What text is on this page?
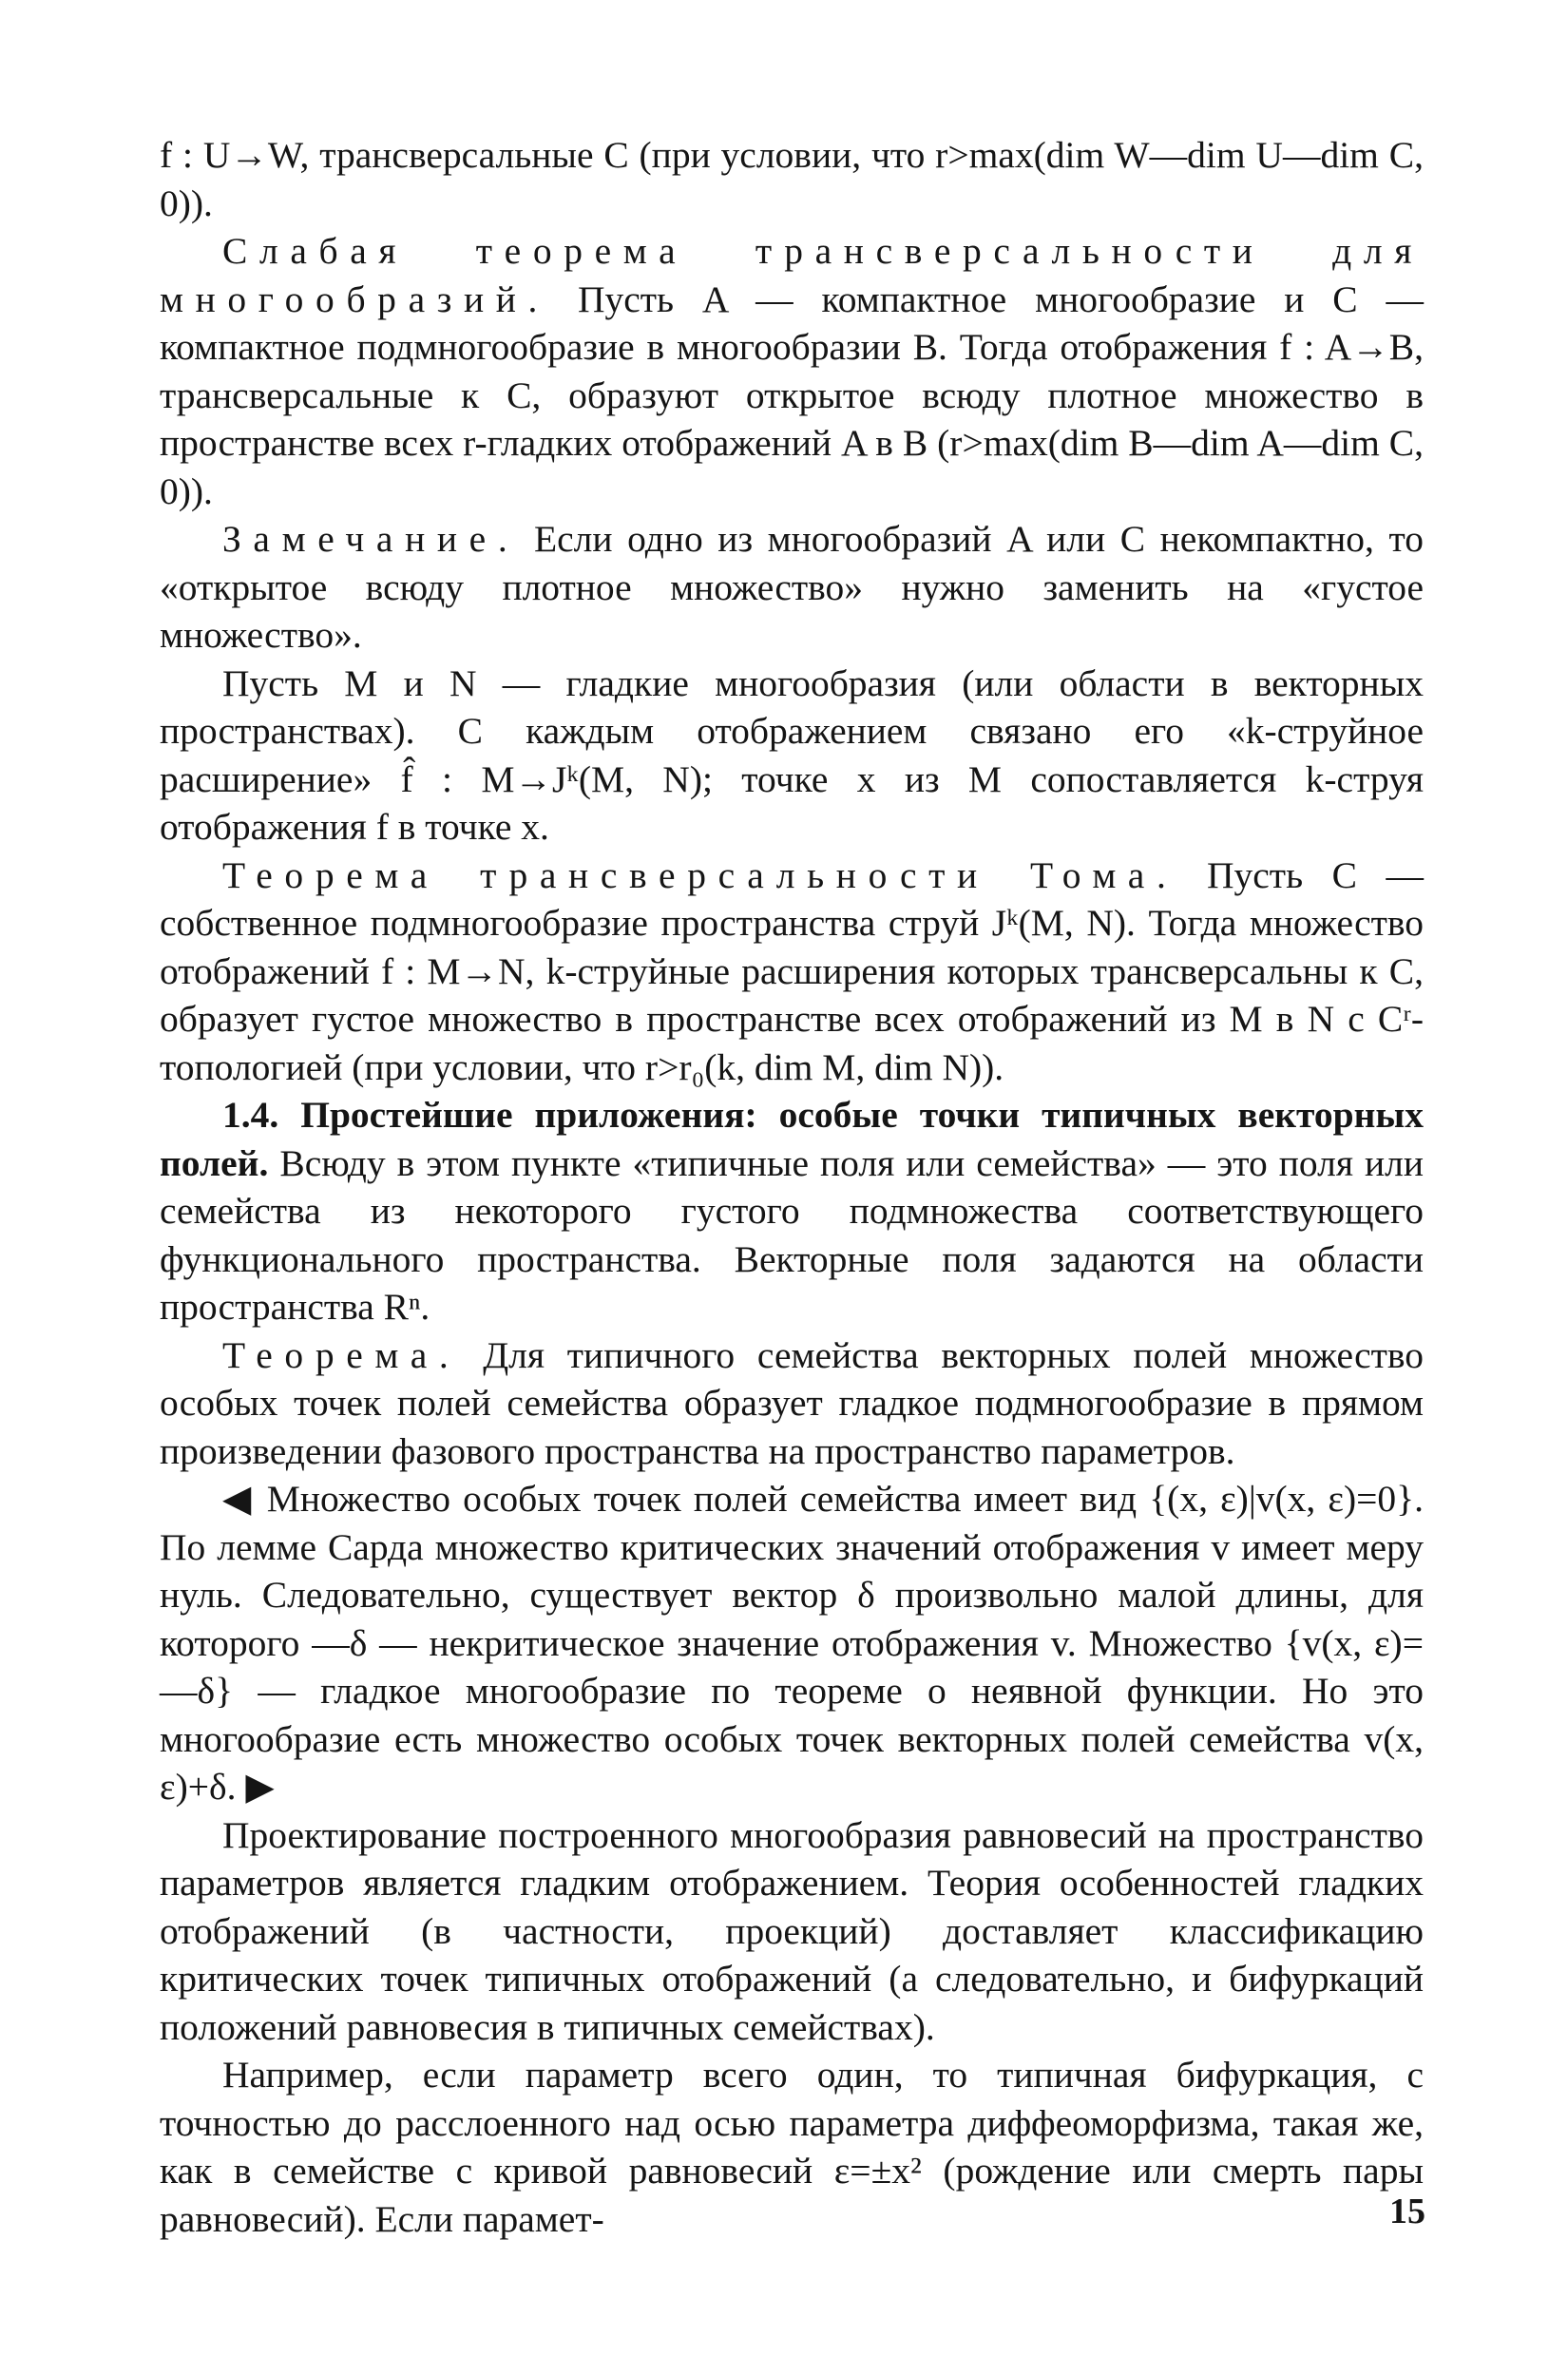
f : U→W, трансверсальные C (при условии, что r>max(dim W—dim U—dim C, 0)).

Слабая теорема трансверсальности для многообразий. Пусть A — компактное многообразие и C — компактное подмногообразие в многообразии B. Тогда отображения f : A→B, трансверсальные к C, образуют открытое всюду плотное множество в пространстве всех r-гладких отображений A в B (r>max(dim B—dim A—dim C, 0)).

Замечание. Если одно из многообразий A или C некомпактно, то «открытое всюду плотное множество» нужно заменить на «густое множество».

Пусть M и N — гладкие многообразия (или области в векторных пространствах). С каждым отображением связано его «k-струйное расширение» f̂ : M→Jᵏ(M, N); точке x из M сопоставляется k-струя отображения f в точке x.

Теорема трансверсальности Тома. Пусть C — собственное подмногообразие пространства струй Jᵏ(M, N). Тогда множество отображений f : M→N, k-струйные расширения которых трансверсальны к C, образует густое множество в пространстве всех отображений из M в N с Cʳ-топологией (при условии, что r>r₀(k, dim M, dim N)).

1.4. Простейшие приложения: особые точки типичных векторных полей. Всюду в этом пункте «типичные поля или семейства» — это поля или семейства из некоторого густого подмножества соответствующего функционального пространства. Векторные поля задаются на области пространства Rⁿ.

Теорема. Для типичного семейства векторных полей множество особых точек полей семейства образует гладкое подмногообразие в прямом произведении фазового пространства на пространство параметров.

◀ Множество особых точек полей семейства имеет вид {(x, ε)|v(x, ε)=0}. По лемме Сарда множество критических значений отображения v имеет меру нуль. Следовательно, существует вектор δ произвольно малой длины, для которого —δ — некритическое значение отображения v. Множество {v(x, ε)=—δ} — гладкое многообразие по теореме о неявной функции. Но это многообразие есть множество особых точек векторных полей семейства v(x, ε)+δ. ▶

Проектирование построенного многообразия равновесий на пространство параметров является гладким отображением. Теория особенностей гладких отображений (в частности, проекций) доставляет классификацию критических точек типичных отображений (а следовательно, и бифуркаций положений равновесия в типичных семействах).

Например, если параметр всего один, то типичная бифуркация, с точностью до расслоенного над осью параметра диффеоморфизма, такая же, как в семействе с кривой равновесий ε=±x² (рождение или смерть пары равновесий). Если парамет-	15
